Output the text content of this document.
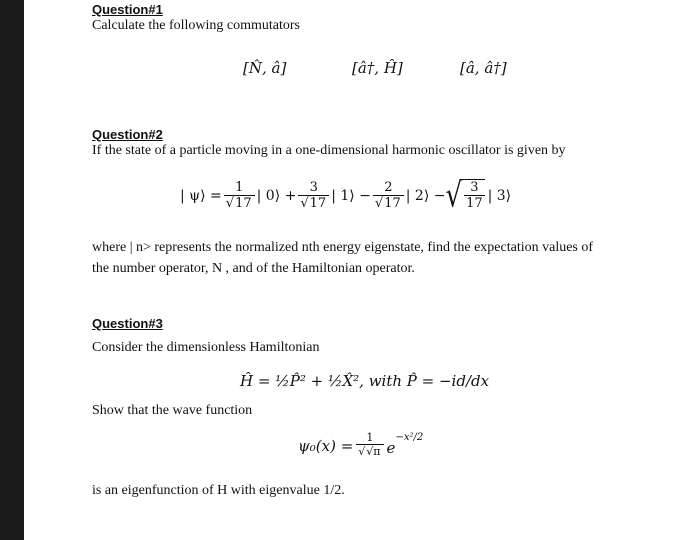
Question#1
Calculate the following commutators
[N̂, â]	[â†, Ĥ]	[â, â†]
Question#2
If the state of a particle moving in a one-dimensional harmonic oscillator is given by
| ψ⟩ = $\frac{1}{√17}$ | 0⟩ + $\frac{3}{√17}$ | 1⟩ − $\frac{2}{√17}$ | 2⟩ − √ $\frac{3}{17}$ | 3⟩
where | n> represents the normalized nth energy eigenstate, find the expectation values of
the number operator, N , and of the Hamiltonian operator.
Question#3
Consider the dimensionless Hamiltonian
Ĥ = ½P̂² + ½X̂², with P̂ = −id/dx
Show that the wave function
$\psi_0(x) = \frac{1}{√√\pi}$ e
−x²/2
is an eigenfunction of H with eigenvalue 1/2.
